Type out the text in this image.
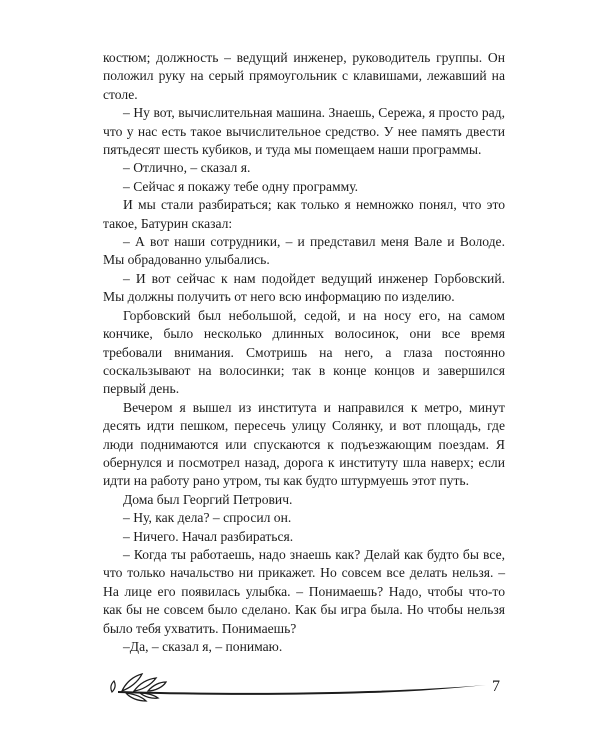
костюм; должность – ведущий инженер, руководитель группы. Он положил руку на серый прямоугольник с клавишами, лежавший на столе.

– Ну вот, вычислительная машина. Знаешь, Сережа, я просто рад, что у нас есть такое вычислительное средство. У нее память двести пятьдесят шесть кубиков, и туда мы помещаем наши программы.

– Отлично, – сказал я.

– Сейчас я покажу тебе одну программу.

И мы стали разбираться; как только я немножко понял, что это такое, Батурин сказал:

– А вот наши сотрудники, – и представил меня Вале и Володе. Мы обрадованно улыбались.

– И вот сейчас к нам подойдет ведущий инженер Горбовский. Мы должны получить от него всю информацию по изделию.

Горбовский был небольшой, седой, и на носу его, на самом кончике, было несколько длинных волосинок, они все время требовали внимания. Смотришь на него, а глаза постоянно соскальзывают на волосинки; так в конце концов и завершился первый день.

Вечером я вышел из института и направился к метро, минут десять идти пешком, пересечь улицу Солянку, и вот площадь, где люди поднимаются или спускаются к подъезжающим поездам. Я обернулся и посмотрел назад, дорога к институту шла наверх; если идти на работу рано утром, ты как будто штурмуешь этот путь.

Дома был Георгий Петрович.

– Ну, как дела? – спросил он.

– Ничего. Начал разбираться.

– Когда ты работаешь, надо знаешь как? Делай как будто бы все, что только начальство ни прикажет. Но совсем все делать нельзя. – На лице его появилась улыбка. – Понимаешь? Надо, чтобы что-то как бы не совсем было сделано. Как бы игра была. Но чтобы нельзя было тебя ухватить. Понимаешь?

–Да, – сказал я, – понимаю.

7
